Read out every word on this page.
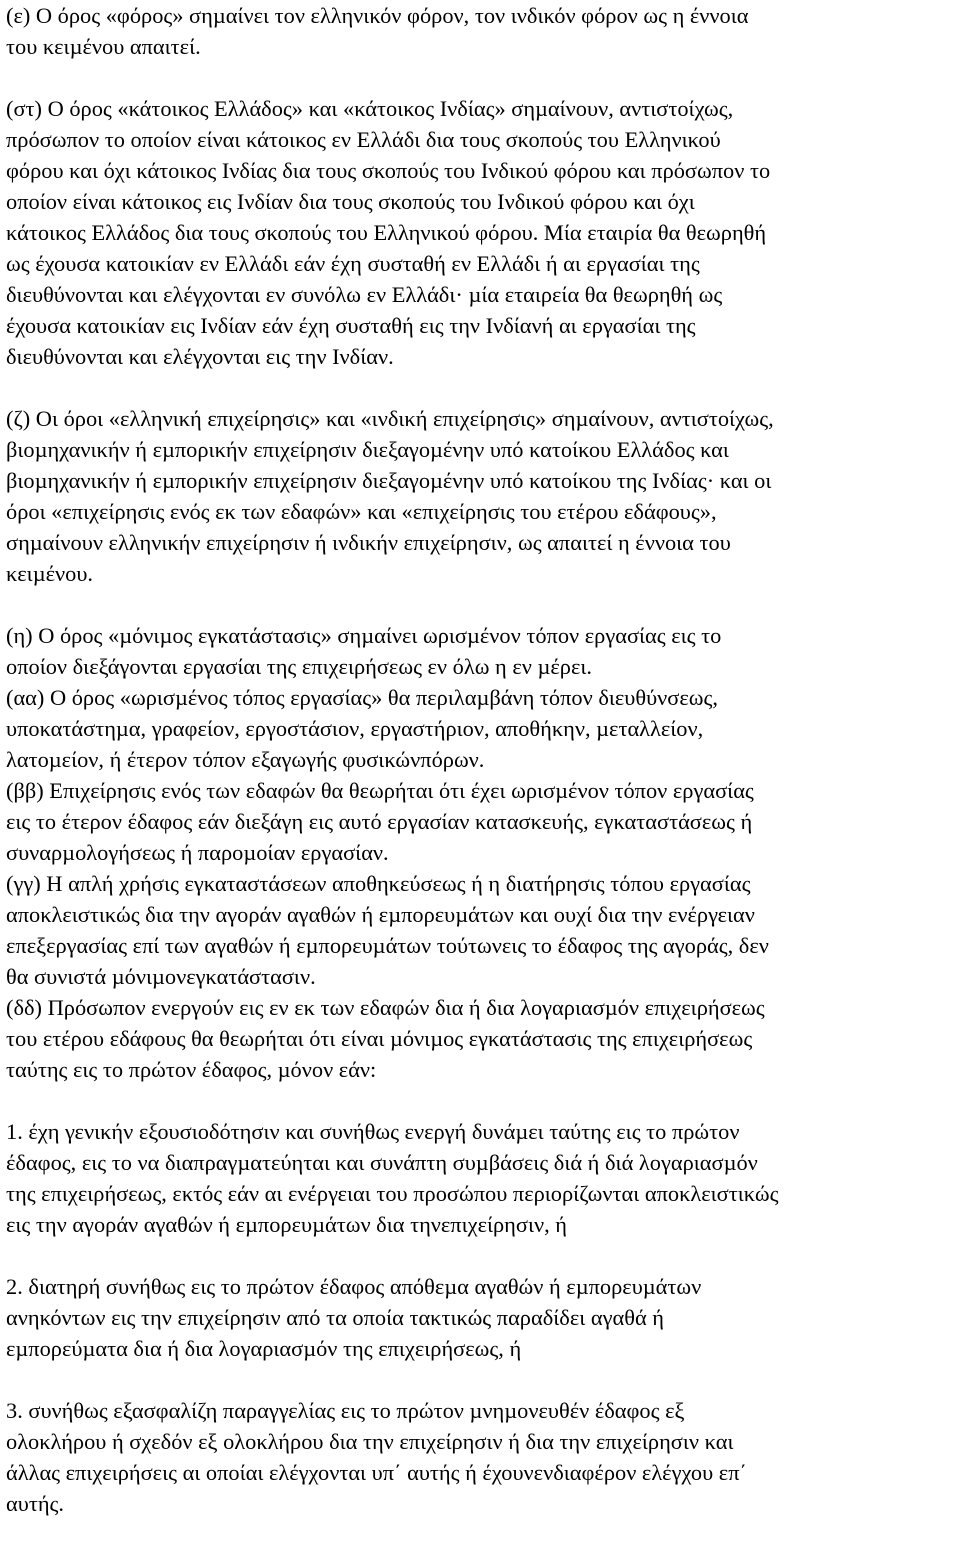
(ε) Ο όρος «φόρος» σηµαίνει τον ελληνικόν φόρον, τον ινδικόν φόρον ως η έννοια
του κειµένου απαιτεί.
(στ) Ο όρος «κάτοικος Ελλάδος» και «κάτοικος Ινδίας» σηµαίνουν, αντιστοίχως,
πρόσωπον το οποίον είναι κάτοικος εν Ελλάδι δια τους σκοπούς του Ελληνικού
φόρου και όχι κάτοικος Ινδίας δια τους σκοπούς του Ινδικού φόρου και πρόσωπον το
οποίον είναι κάτοικος εις Ινδίαν δια τους σκοπούς του Ινδικού φόρου και όχι
κάτοικος Ελλάδος δια τους σκοπούς του Ελληνικού φόρου. Μία εταιρία θα θεωρηθή
ως έχουσα κατοικίαν εν Ελλάδι εάν έχη συσταθή εν Ελλάδι ή αι εργασίαι της
διευθύνονται και ελέγχονται εν συνόλω εν Ελλάδι· µία εταιρεία θα θεωρηθή ως
έχουσα κατοικίαν εις Ινδίαν εάν έχη συσταθή εις την Ινδίανή αι εργασίαι της
διευθύνονται και ελέγχονται εις την Ινδίαν.
(ζ) Οι όροι «ελληνική επιχείρησις» και «ινδική επιχείρησις» σηµαίνουν, αντιστοίχως,
βιοµηχανικήν ή εµπορικήν επιχείρησιν διεξαγοµένην υπό κατοίκου Ελλάδος και
βιοµηχανικήν ή εµπορικήν επιχείρησιν διεξαγοµένην υπό κατοίκου της Ινδίας· και οι
όροι «επιχείρησις ενός εκ των εδαφών» και «επιχείρησις του ετέρου εδάφους»,
σηµαίνουν ελληνικήν επιχείρησιν ή ινδικήν επιχείρησιν, ως απαιτεί η έννοια του
κειµένου.
(η) Ο όρος «µόνιµος εγκατάστασις» σηµαίνει ωρισµένον τόπον εργασίας εις το
οποίον διεξάγονται εργασίαι της επιχειρήσεως εν όλω η εν µέρει.
(αα) Ο όρος «ωρισµένος τόπος εργασίας» θα περιλαµβάνη τόπον διευθύνσεως,
υποκατάστηµα, γραφείον, εργοστάσιον, εργαστήριον, αποθήκην, µεταλλείον,
λατοµείον, ή έτερον τόπον εξαγωγής φυσικώνπόρων.
(ββ) Επιχείρησις ενός των εδαφών θα θεωρήται ότι έχει ωρισµένον τόπον εργασίας
εις το έτερον έδαφος εάν διεξάγη εις αυτό εργασίαν κατασκευής, εγκαταστάσεως ή
συναρµολογήσεως ή παροµοίαν εργασίαν.
(γγ) Η απλή χρήσις εγκαταστάσεων αποθηκεύσεως ή η διατήρησις τόπου εργασίας
αποκλειστικώς δια την αγοράν αγαθών ή εµπορευµάτων και ουχί δια την ενέργειαν
επεξεργασίας επί των αγαθών ή εµπορευµάτων τούτωνεις το έδαφος της αγοράς, δεν
θα συνιστά µόνιµονεγκατάστασιν.
(δδ) Πρόσωπον ενεργούν εις εν εκ των εδαφών δια ή δια λογαριασµόν επιχειρήσεως
του ετέρου εδάφους θα θεωρήται ότι είναι µόνιµος εγκατάστασις της επιχειρήσεως
ταύτης εις το πρώτον έδαφος, µόνον εάν:
1. έχη γενικήν εξουσιοδότησιν και συνήθως ενεργή δυνάµει ταύτης εις το πρώτον
έδαφος, εις το να διαπραγµατεύηται και συνάπτη συµβάσεις διά ή διά λογαριασµόν
της επιχειρήσεως, εκτός εάν αι ενέργειαι του προσώπου περιορίζωνται αποκλειστικώς
εις την αγοράν αγαθών ή εµπορευµάτων δια τηνεπιχείρησιν, ή
2. διατηρή συνήθως εις το πρώτον έδαφος απόθεµα αγαθών ή εµπορευµάτων
ανηκόντων εις την επιχείρησιν από τα οποία τακτικώς παραδίδει αγαθά ή
εµπορεύµατα δια ή δια λογαριασµόν της επιχειρήσεως, ή
3. συνήθως εξασφαλίζη παραγγελίας εις το πρώτον µνηµονευθέν έδαφος εξ
ολοκλήρου ή σχεδόν εξ ολοκλήρου δια την επιχείρησιν ή δια την επιχείρησιν και
άλλας επιχειρήσεις αι οποίαι ελέγχονται υπ΄ αυτής ή έχουνενδιαφέρον ελέγχου επ΄
αυτής.
